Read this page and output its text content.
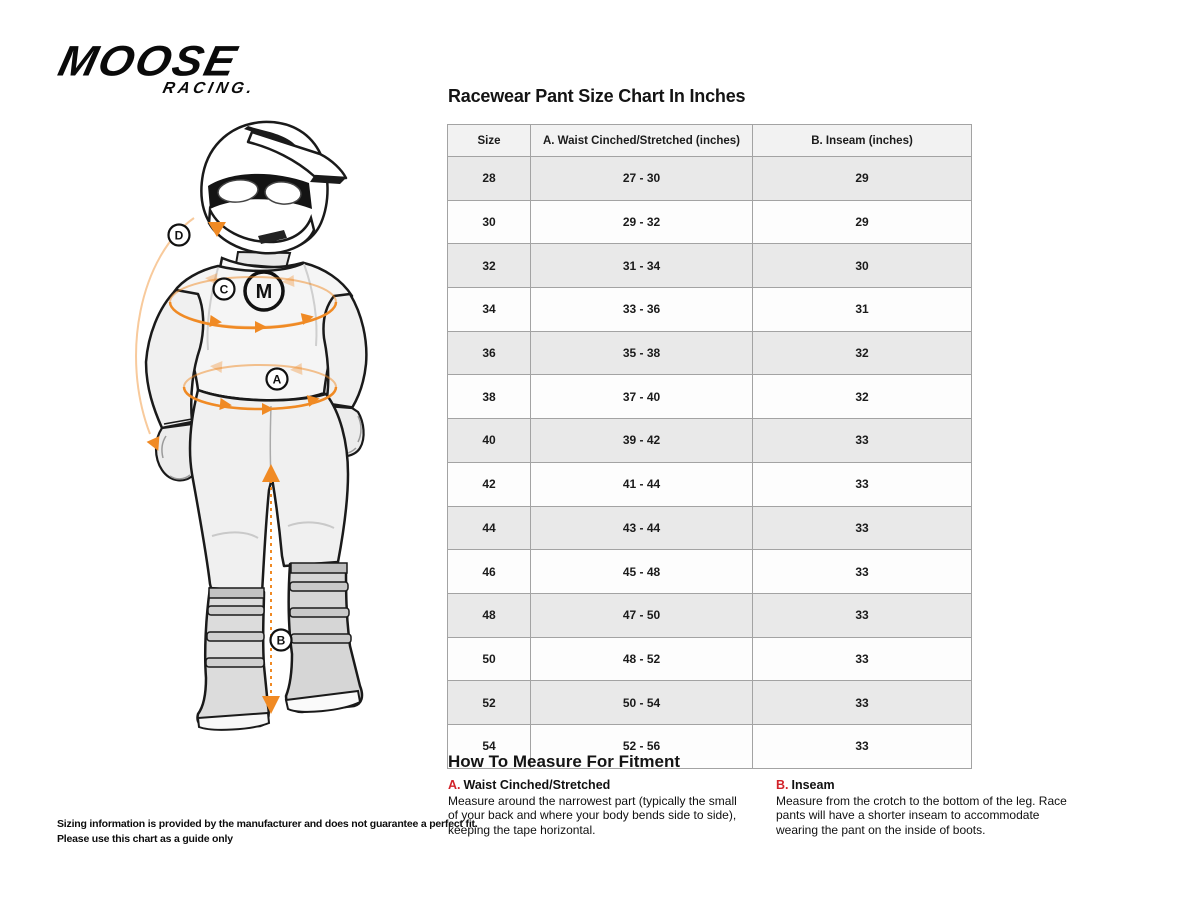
MOOSE
RACING.
M
D
C
A
B
Racewear Pant Size Chart In Inches
Size	A. Waist Cinched/Stretched (inches)	B. Inseam (inches)
28	27 - 30	29
30	29 - 32	29
32	31 - 34	30
34	33 - 36	31
36	35 - 38	32
38	37 - 40	32
40	39 - 42	33
42	41 - 44	33
44	43 - 44	33
46	45 - 48	33
48	47 - 50	33
50	48 - 52	33
52	50 - 54	33
54	52 - 56	33
How To Measure For Fitment
A. Waist Cinched/Stretched

Measure around the narrowest part (typically the small of your back and where your body bends side to side), keeping the tape horizontal.

B. Inseam

Measure from the crotch to the bottom of the leg. Race pants will have a shorter inseam to accommodate wearing the pant on the inside of boots.

Sizing information is provided by the manufacturer and does not guarantee a perfect fit.
Please use this chart as a guide only
